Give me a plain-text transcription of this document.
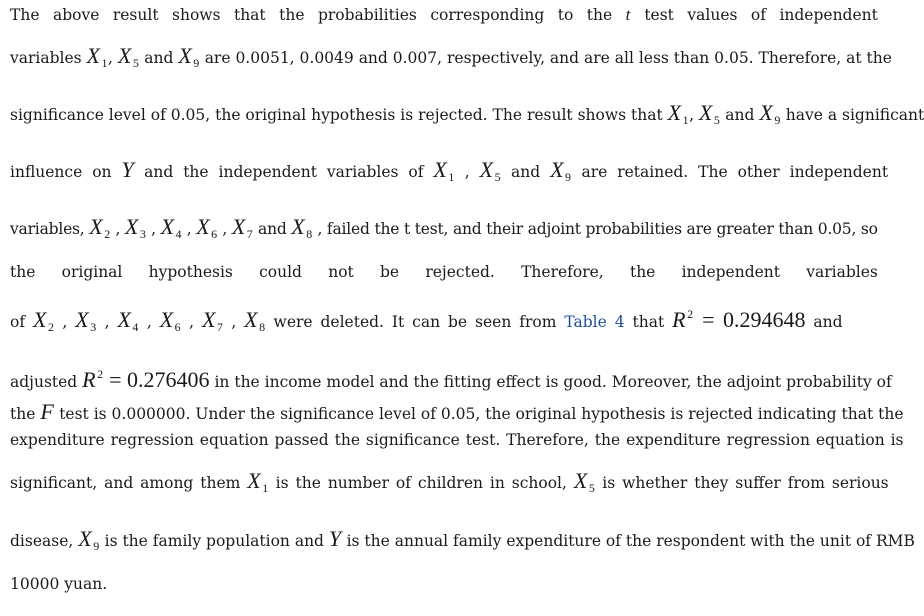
The above result shows that the probabilities corresponding to the t test values of independent
variables $X_1$, $X_5$ and $X_9$ are 0.0051, 0.0049 and 0.007, respectively, and are all less than 0.05. Therefore, at the
significance level of 0.05, the original hypothesis is rejected. The result shows that $X_1$, $X_5$ and $X_9$ have a significant
influence on Y and the independent variables of $X_1$ , $X_5$ and $X_9$ are retained. The other independent
variables, $X_2$ , $X_3$ , $X_4$ , $X_6$ , $X_7$ and $X_8$ , failed the t test, and their adjoint probabilities are greater than 0.05, so
the original hypothesis could not be rejected. Therefore, the independent variables
of $X_2$ , $X_3$ , $X_4$ , $X_6$ , $X_7$ , $X_8$ were deleted. It can be seen from Table 4 that $R^2 = 0.294648$ and
adjusted $R^2 = 0.276406$ in the income model and the fitting effect is good. Moreover, the adjoint probability of
the F test is 0.000000. Under the significance level of 0.05, the original hypothesis is rejected indicating that the
expenditure regression equation passed the significance test. Therefore, the expenditure regression equation is
significant, and among them $X_1$ is the number of children in school, $X_5$ is whether they suffer from serious
disease, $X_9$ is the family population and Y is the annual family expenditure of the respondent with the unit of RMB
10000 yuan.
